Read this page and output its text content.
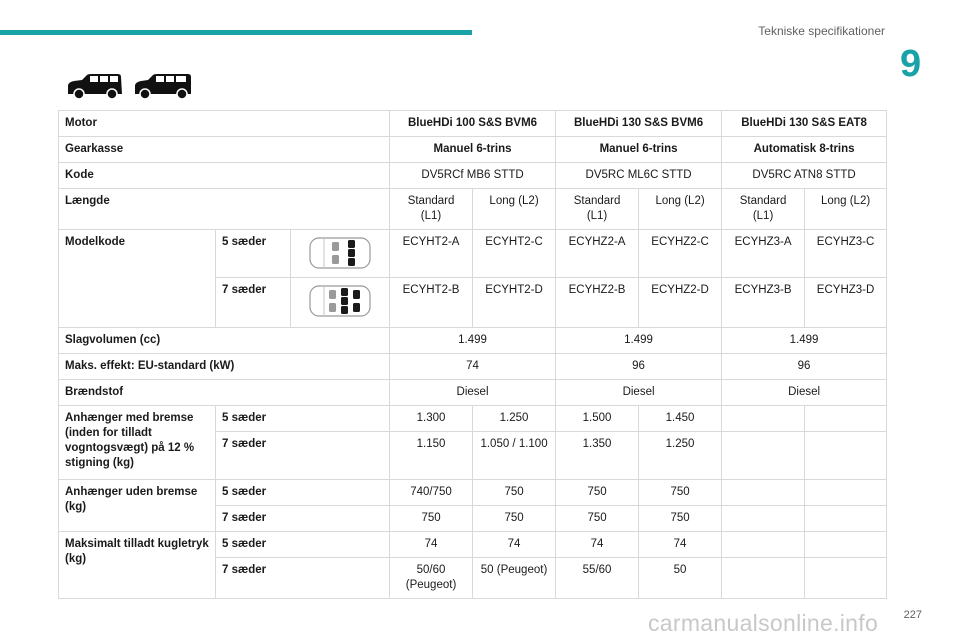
Tekniske specifikationer
9
Motor			BlueHDi 100 S&S BVM6		BlueHDi 130 S&S BVM6		BlueHDi 130 S&S EAT8	
Gearkasse			Manuel 6-trins		Manuel 6-trins		Automatisk 8-trins	
Kode			DV5RCf MB6 STTD		DV5RC ML6C STTD		DV5RC ATN8 STTD	
Længde			Standard (L1)	Long (L2)	Standard (L1)	Long (L2)	Standard (L1)	Long (L2)
Modelkode	5 sæder		ECYHT2-A	ECYHT2-C	ECYHZ2-A	ECYHZ2-C	ECYHZ3-A	ECYHZ3-C
	7 sæder		ECYHT2-B	ECYHT2-D	ECYHZ2-B	ECYHZ2-D	ECYHZ3-B	ECYHZ3-D
Slagvolumen (cc)			1.499		1.499		1.499	
Maks. effekt: EU-standard (kW)			74		96		96	
Brændstof			Diesel		Diesel		Diesel	
Anhænger med bremse (inden for tilladt vogntogsvægt) på 12 % stigning (kg)	5 sæder		1.300	1.250	1.500	1.450		
	7 sæder		1.150	1.050 / 1.100	1.350	1.250		
Anhænger uden bremse (kg)	5 sæder		740/750	750	750	750		
	7 sæder		750	750	750	750		
Maksimalt tilladt kugletryk (kg)	5 sæder		74	74	74	74		
	7 sæder		50/60 (Peugeot)	50 (Peugeot)	55/60	50		
carmanualsonline.info 227
